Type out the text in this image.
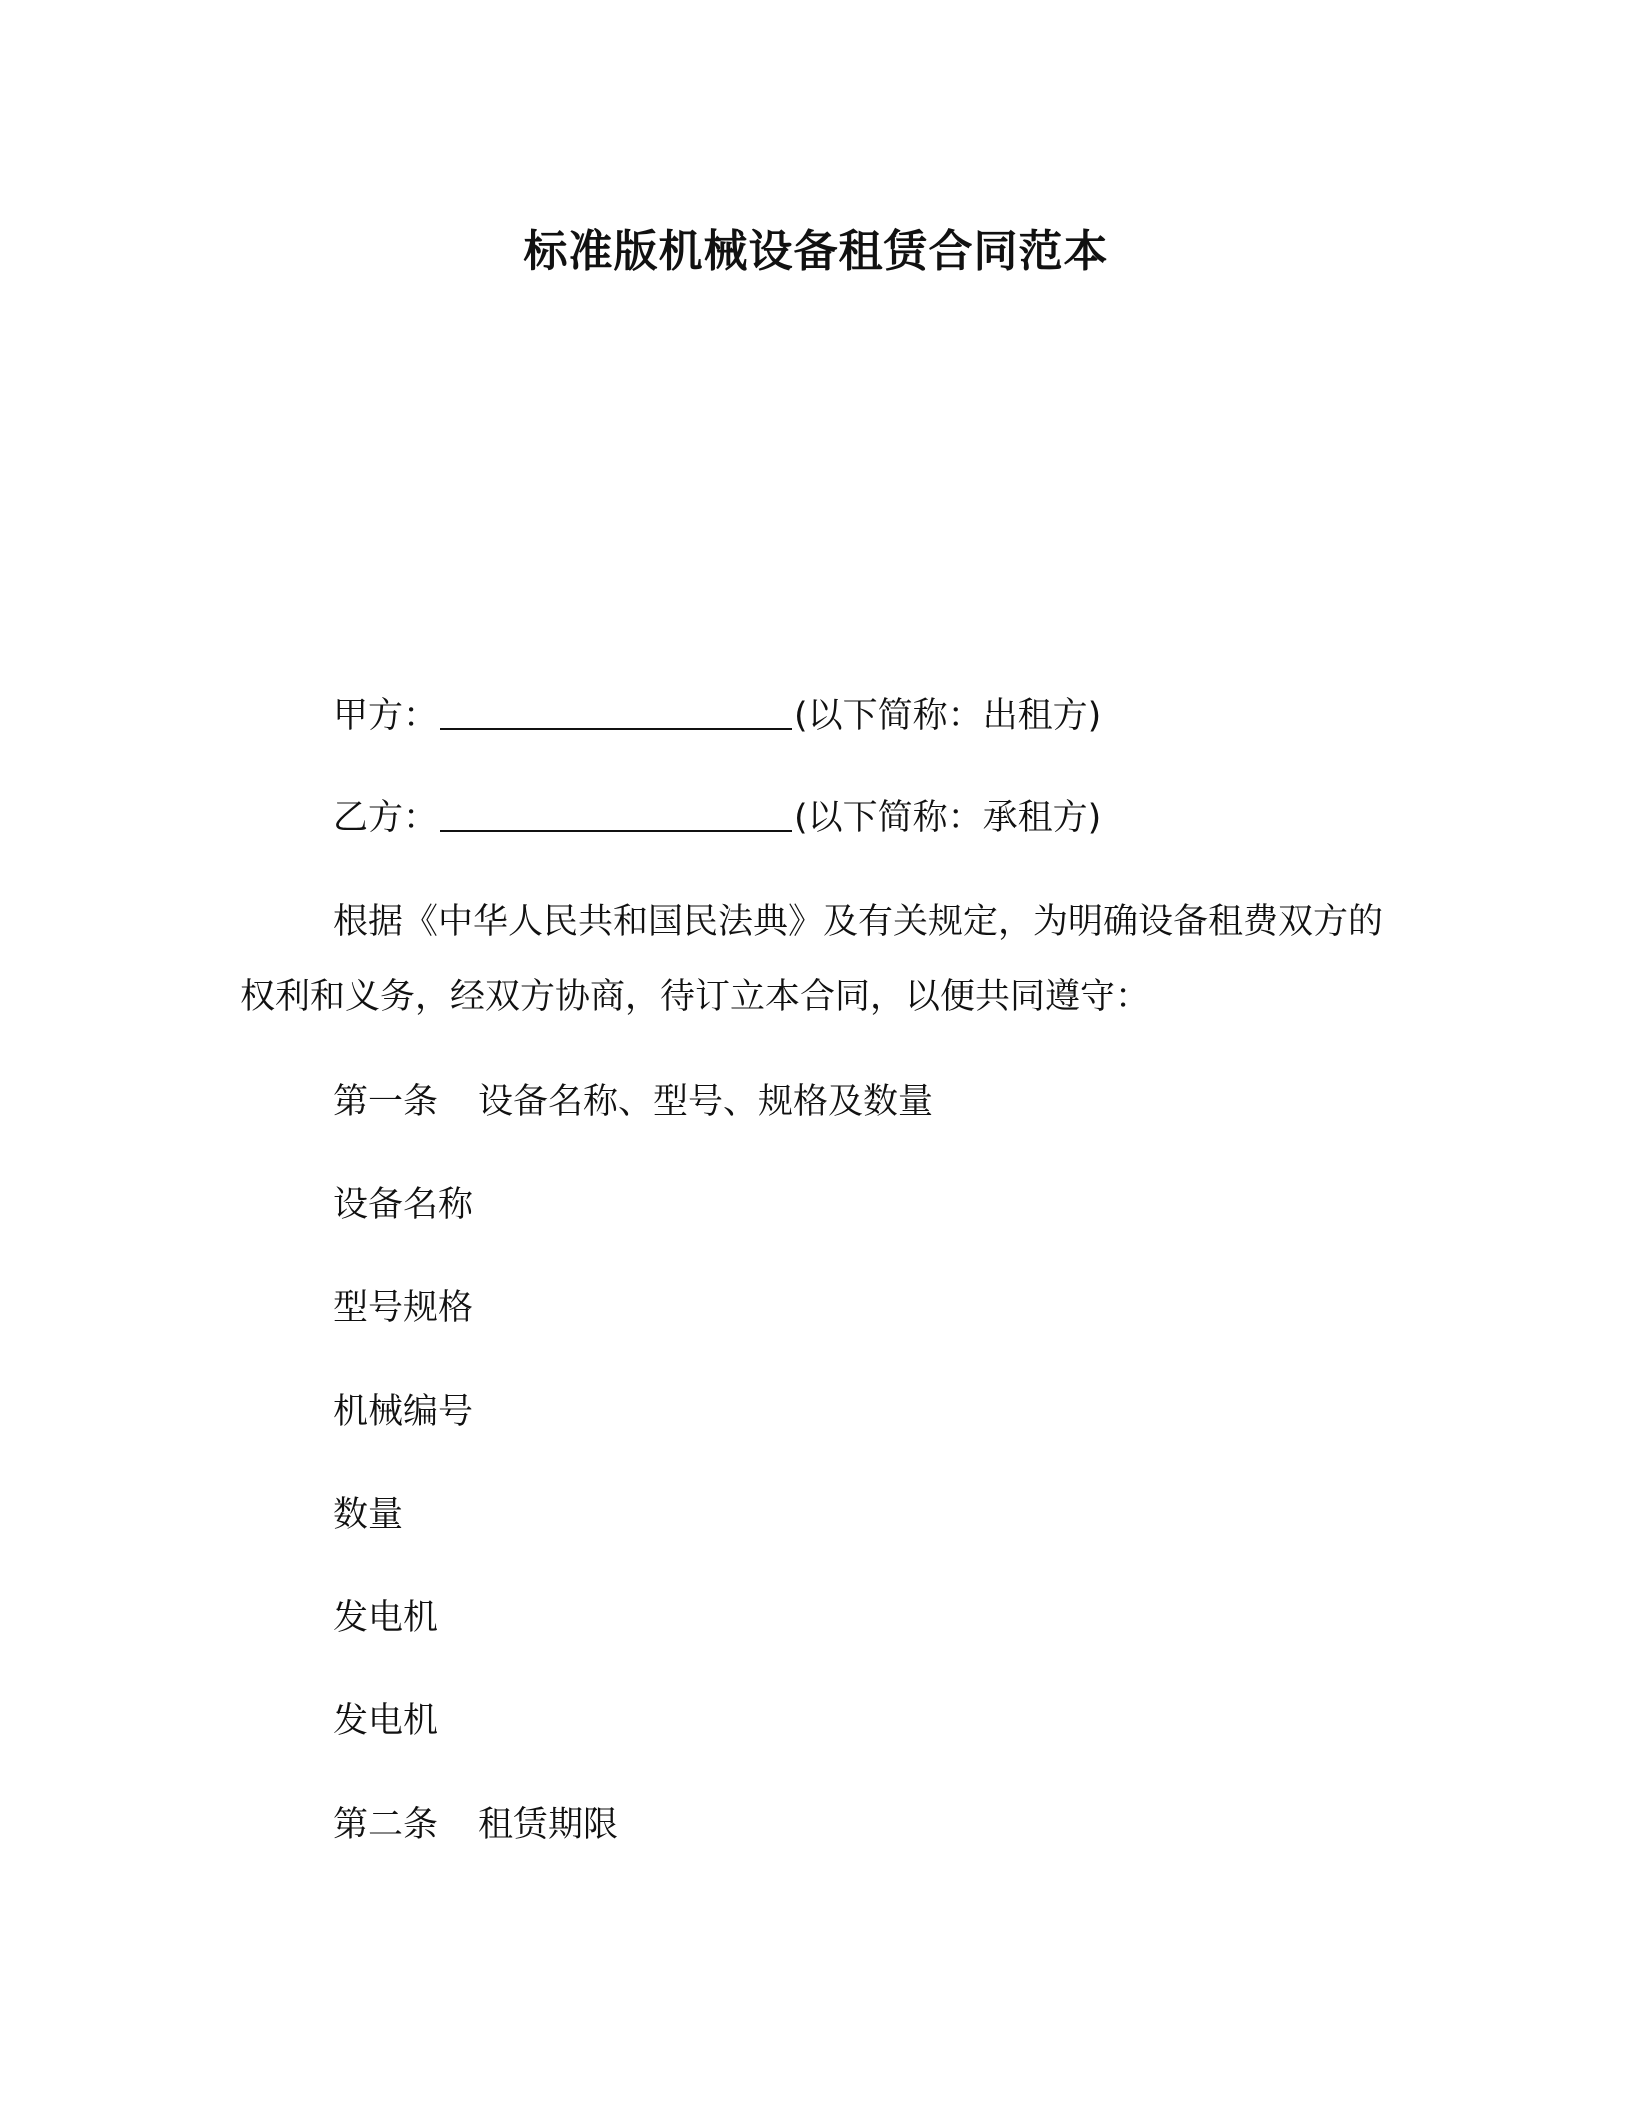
标准版机械设备租赁合同范本

甲方：	(以下简称：出租方)

乙方：	(以下简称：承租方)

根据《中华人民共和国民法典》及有关规定，为明确设备租费双方的权利和义务，经双方协商，待订立本合同，以便共同遵守：

第一条 设备名称、型号、规格及数量

设备名称

型号规格

机械编号

数量

发电机

发电机

第二条 租赁期限
